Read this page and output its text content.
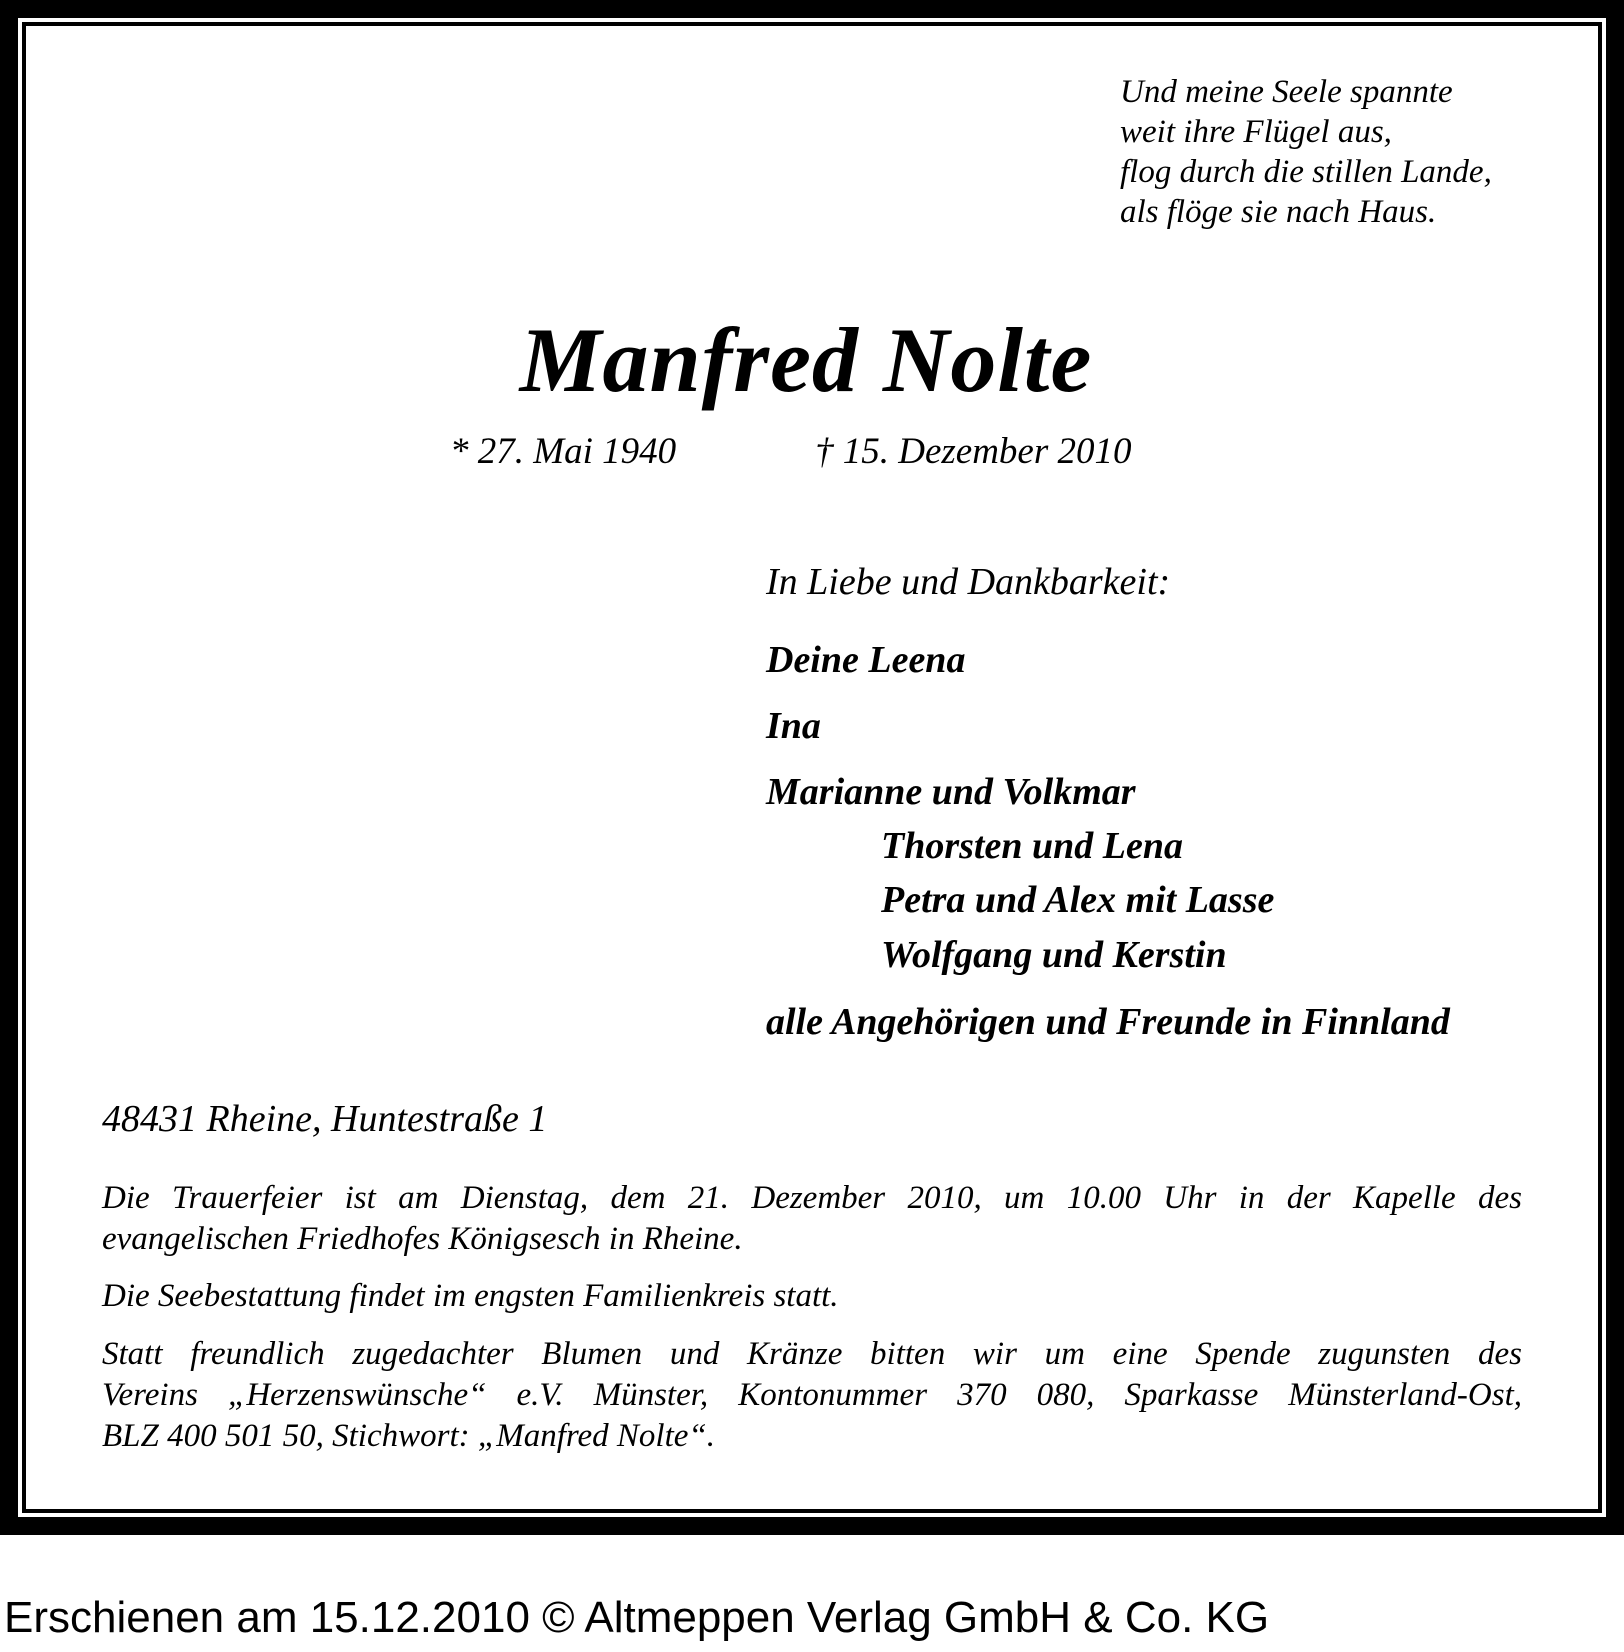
Und meine Seele spannte
weit ihre Flügel aus,
flog durch die stillen Lande,
als flöge sie nach Haus.
Manfred Nolte
* 27. Mai 1940	† 15. Dezember 2010
In Liebe und Dankbarkeit:
Deine Leena
Ina
Marianne und Volkmar
Thorsten und Lena
Petra und Alex mit Lasse
Wolfgang und Kerstin
alle Angehörigen und Freunde in Finnland
48431 Rheine, Huntestraße 1
Die Trauerfeier ist am Dienstag, dem 21. Dezember 2010, um 10.00 Uhr in der Kapelle des
evangelischen Friedhofes Königsesch in Rheine.
Die Seebestattung findet im engsten Familienkreis statt.
Statt freundlich zugedachter Blumen und Kränze bitten wir um eine Spende zugunsten des
Vereins „Herzenswünsche“ e.V. Münster, Kontonummer 370 080, Sparkasse Münsterland-Ost,
BLZ 400 501 50, Stichwort: „Manfred Nolte“.
Erschienen am 15.12.2010 © Altmeppen Verlag GmbH & Co. KG
